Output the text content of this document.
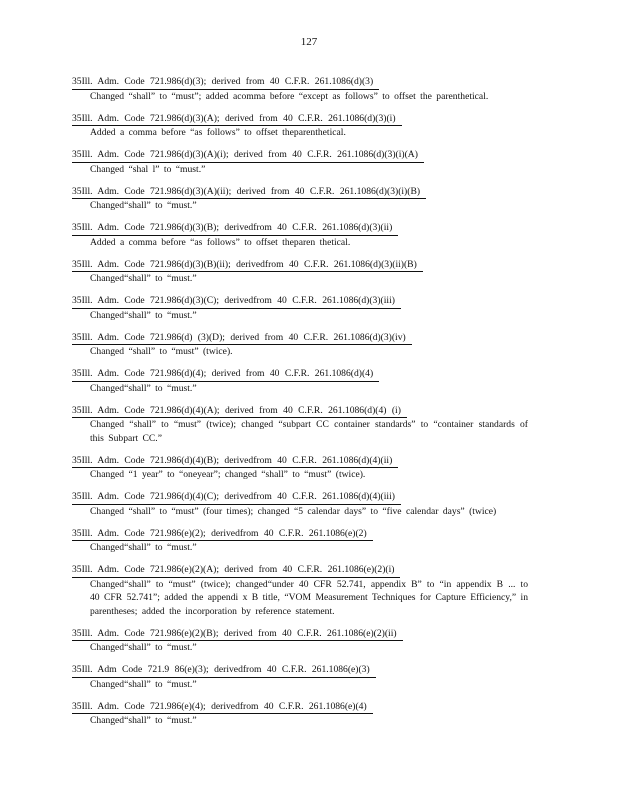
127
35Ill. Adm. Code 721.986(d)(3); derived from 40 C.F.R. 261.1086(d)(3)
Changed “shall” to “must”; added acomma before “except as follows” to offset the parenthetical.
35Ill. Adm. Code 721.986(d)(3)(A); derived from 40 C.F.R. 261.1086(d)(3)(i)
Added a comma before “as follows” to offset theparenthetical.
35Ill. Adm. Code 721.986(d)(3)(A)(i); derived from 40 C.F.R. 261.1086(d)(3)(i)(A)
Changed “shal l” to “must.”
35Ill. Adm. Code 721.986(d)(3)(A)(ii); derived from 40 C.F.R. 261.1086(d)(3)(i)(B)
Changed“shall” to “must.”
35Ill. Adm. Code 721.986(d)(3)(B); derivedfrom 40 C.F.R. 261.1086(d)(3)(ii)
Added a comma before “as follows” to offset theparen thetical.
35Ill. Adm. Code 721.986(d)(3)(B)(ii); derivedfrom 40 C.F.R. 261.1086(d)(3)(ii)(B)
Changed“shall” to “must.”
35Ill. Adm. Code 721.986(d)(3)(C); derivedfrom 40 C.F.R. 261.1086(d)(3)(iii)
Changed“shall” to “must.”
35Ill. Adm. Code 721.986(d) (3)(D); derived from 40 C.F.R. 261.1086(d)(3)(iv)
Changed “shall” to “must” (twice).
35Ill. Adm. Code 721.986(d)(4); derived from 40 C.F.R. 261.1086(d)(4)
Changed“shall” to “must.”
35Ill. Adm. Code 721.986(d)(4)(A); derived from 40 C.F.R. 261.1086(d)(4) (i)
Changed “shall” to “must” (twice); changed “subpart CC container standards” to “container standards of this Subpart CC.”
35Ill. Adm. Code 721.986(d)(4)(B); derivedfrom 40 C.F.R. 261.1086(d)(4)(ii)
Changed “1 year” to “oneyear”; changed “shall” to “must” (twice).
35Ill. Adm. Code 721.986(d)(4)(C); derivedfrom 40 C.F.R. 261.1086(d)(4)(iii)
Changed “shall” to “must” (four times); changed “5 calendar days” to “five calendar days” (twice)
35Ill. Adm. Code 721.986(e)(2); derivedfrom 40 C.F.R. 261.1086(e)(2)
Changed“shall” to “must.”
35Ill. Adm. Code 721.986(e)(2)(A); derived from 40 C.F.R. 261.1086(e)(2)(i)
Changed“shall” to “must” (twice); changed“under 40 CFR 52.741, appendix B” to “in appendix B ... to 40 CFR 52.741”; added the appendi x B title, “VOM Measurement Techniques for Capture Efficiency,” in parentheses; added the incorporation by reference statement.
35Ill. Adm. Code 721.986(e)(2)(B); derived from 40 C.F.R. 261.1086(e)(2)(ii)
Changed“shall” to “must.”
35Ill. Adm Code 721.9 86(e)(3); derivedfrom 40 C.F.R. 261.1086(e)(3)
Changed“shall” to “must.”
35Ill. Adm. Code 721.986(e)(4); derivedfrom 40 C.F.R. 261.1086(e)(4)
Changed“shall” to “must.”
